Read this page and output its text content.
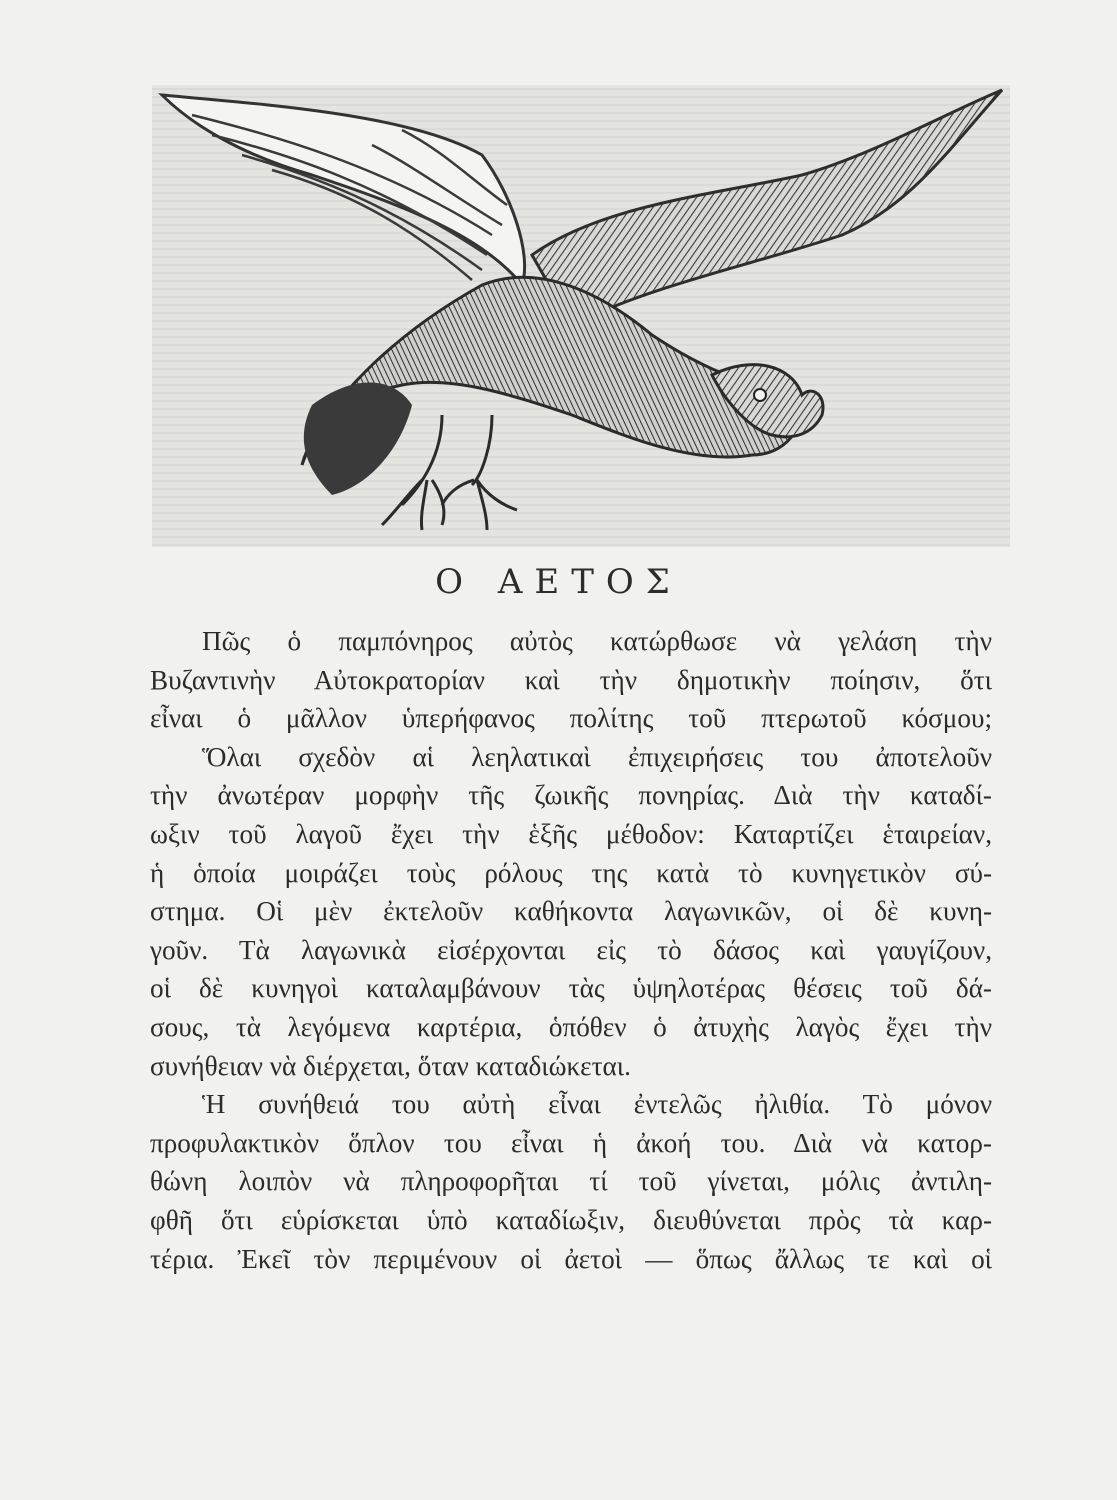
Ο ΑΕΤΟΣ
Πῶς ὁ παμπόνηρος αὐτὸς κατώρθωσε νὰ γελάση τὴν
Βυζαντινὴν Αὐτοκρατορίαν καὶ τὴν δημοτικὴν ποίησιν, ὅτι
εἶναι ὁ μᾶλλον ὑπερήφανος πολίτης τοῦ πτερωτοῦ κόσμου;
Ὅλαι σχεδὸν αἱ λεηλατικαὶ ἐπιχειρήσεις του ἀποτελοῦν
τὴν ἀνωτέραν μορφὴν τῆς ζωικῆς πονηρίας. Διὰ τὴν καταδί-
ωξιν τοῦ λαγοῦ ἔχει τὴν ἑξῆς μέθοδον: Καταρτίζει ἑταιρείαν,
ἡ ὁποία μοιράζει τοὺς ρόλους της κατὰ τὸ κυνηγετικὸν σύ-
στημα. Οἱ μὲν ἐκτελοῦν καθήκοντα λαγωνικῶν, οἱ δὲ κυνη-
γοῦν. Τὰ λαγωνικὰ εἰσέρχονται εἰς τὸ δάσος καὶ γαυγίζουν,
οἱ δὲ κυνηγοὶ καταλαμβάνουν τὰς ὑψηλοτέρας θέσεις τοῦ δά-
σους, τὰ λεγόμενα καρτέρια, ὁπόθεν ὁ ἀτυχὴς λαγὸς ἔχει τὴν
συνήθειαν νὰ διέρχεται, ὅταν καταδιώκεται.
Ἡ συνήθειά του αὐτὴ εἶναι ἐντελῶς ἠλιθία. Τὸ μόνον
προφυλακτικὸν ὅπλον του εἶναι ἡ ἀκοή του. Διὰ νὰ κατορ-
θώνη λοιπὸν νὰ πληροφορῆται τί τοῦ γίνεται, μόλις ἀντιλη-
φθῆ ὅτι εὑρίσκεται ὑπὸ καταδίωξιν, διευθύνεται πρὸς τὰ καρ-
τέρια. Ἐκεῖ τὸν περιμένουν οἱ ἀετοὶ — ὅπως ἄλλως τε καὶ οἱ
